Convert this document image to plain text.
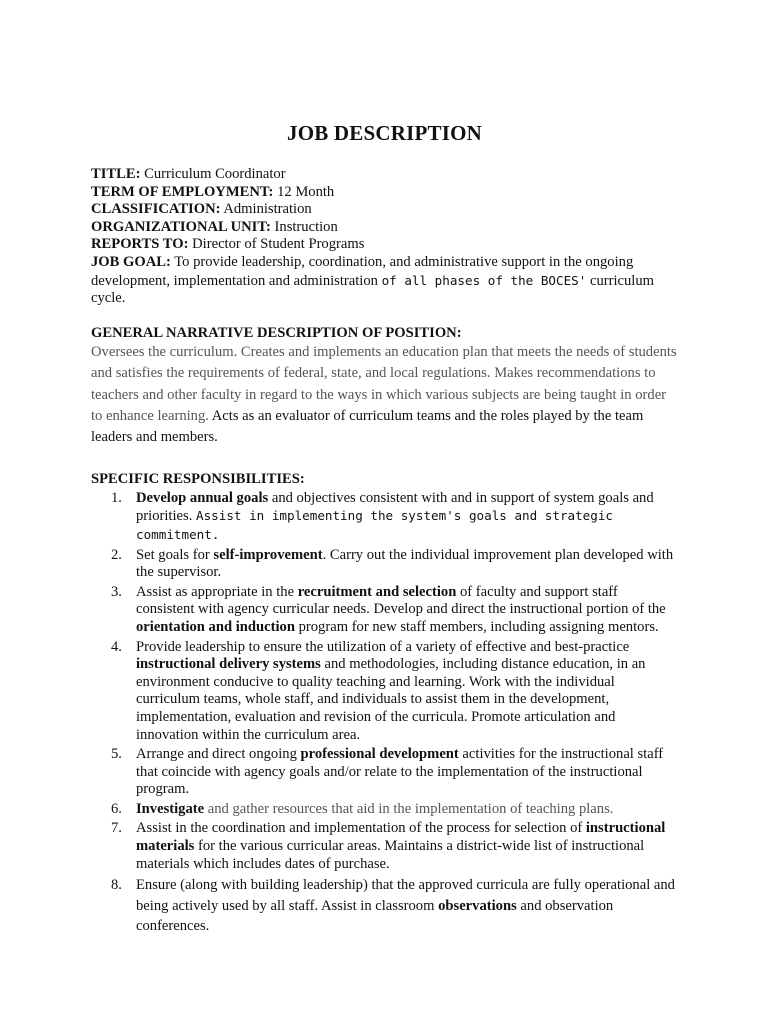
JOB DESCRIPTION

TITLE: Curriculum Coordinator

TERM OF EMPLOYMENT: 12 Month

CLASSIFICATION: Administration

ORGANIZATIONAL UNIT: Instruction

REPORTS TO: Director of Student Programs

JOB GOAL: To provide leadership, coordination, and administrative support in the ongoing development, implementation and administration of all phases of the BOCES' curriculum cycle.

GENERAL NARRATIVE DESCRIPTION OF POSITION:

Oversees the curriculum. Creates and implements an education plan that meets the needs of students and satisfies the requirements of federal, state, and local regulations. Makes recommendations to teachers and other faculty in regard to the ways in which various subjects are being taught in order to enhance learning. Acts as an evaluator of curriculum teams and the roles played by the team leaders and members.

SPECIFIC RESPONSIBILITIES:

1. Develop annual goals and objectives consistent with and in support of system goals and priorities. Assist in implementing the system's goals and strategic commitment.
2. Set goals for self-improvement. Carry out the individual improvement plan developed with the supervisor.
3. Assist as appropriate in the recruitment and selection of faculty and support staff consistent with agency curricular needs. Develop and direct the instructional portion of the orientation and induction program for new staff members, including assigning mentors.
4. Provide leadership to ensure the utilization of a variety of effective and best-practice instructional delivery systems and methodologies, including distance education, in an environment conducive to quality teaching and learning. Work with the individual curriculum teams, whole staff, and individuals to assist them in the development, implementation, evaluation and revision of the curricula. Promote articulation and innovation within the curriculum area.
5. Arrange and direct ongoing professional development activities for the instructional staff that coincide with agency goals and/or relate to the implementation of the instructional program.
6. Investigate and gather resources that aid in the implementation of teaching plans.
7. Assist in the coordination and implementation of the process for selection of instructional materials for the various curricular areas. Maintains a district-wide list of instructional materials which includes dates of purchase.
8. Ensure (along with building leadership) that the approved curricula are fully operational and being actively used by all staff. Assist in classroom observations and observation conferences.
